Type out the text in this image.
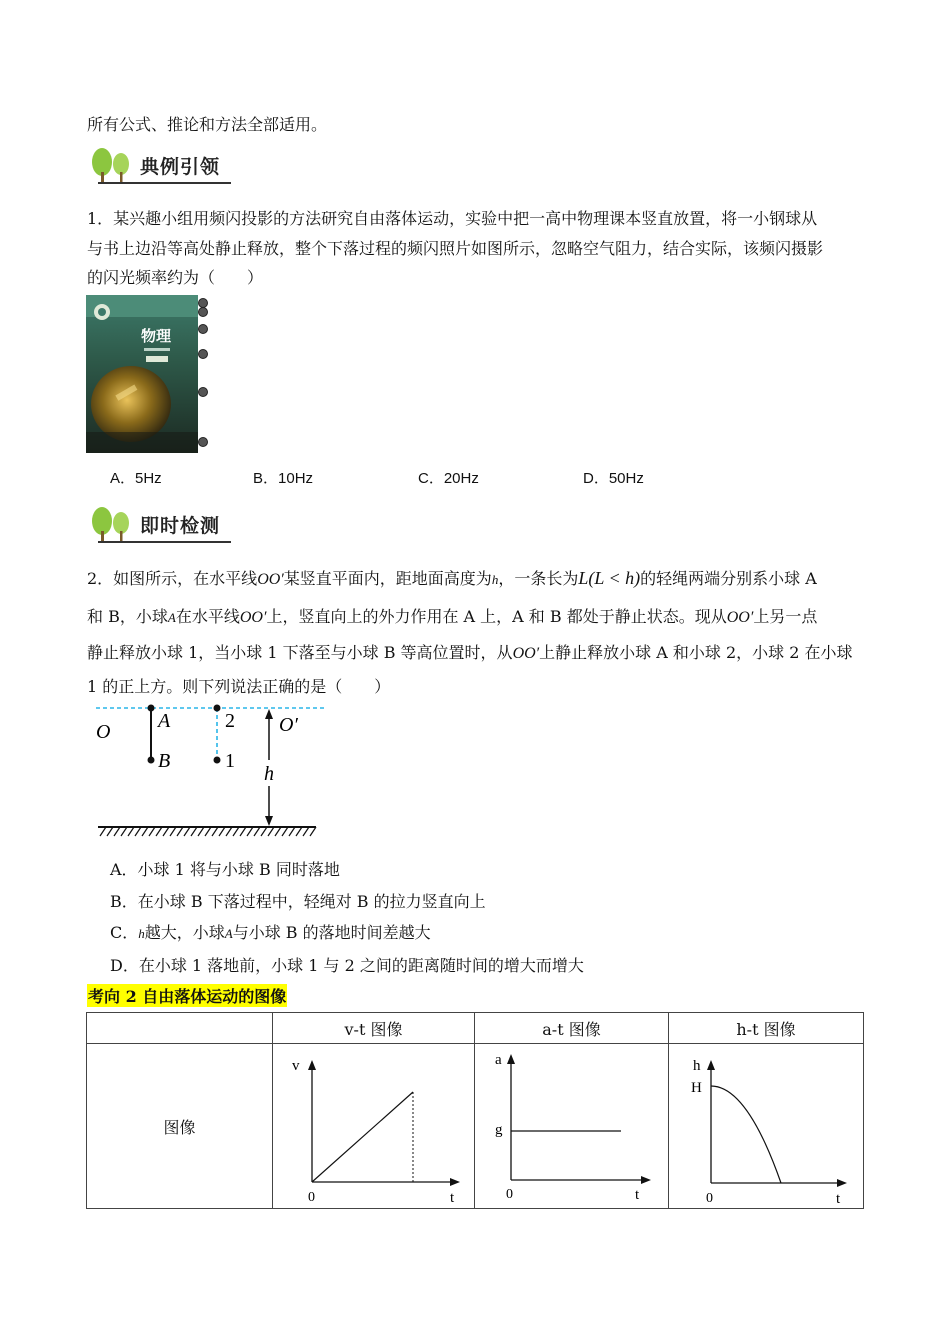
所有公式、推论和方法全部适用。
典例引领
1．某兴趣小组用频闪投影的方法研究自由落体运动，实验中把一高中物理课本竖直放置，将一小钢球从
与书上边沿等高处静止释放，整个下落过程的频闪照片如图所示，忽略空气阻力，结合实际，该频闪摄影
的闪光频率约为（　　）
物理
A．5Hz	B．10Hz	C．20Hz	D．50Hz
即时检测
2．如图所示，在水平线OO′某竖直平面内，距地面高度为h，一条长为L(L < h)的轻绳两端分别系小球 A
和 B，小球A在水平线OO′上，竖直向上的外力作用在 A 上，A 和 B 都处于静止状态。现从OO′上另一点
静止释放小球 1，当小球 1 下落至与小球 B 等高位置时，从OO′上静止释放小球 A 和小球 2，小球 2 在小球
1 的正上方。则下列说法正确的是（　　）
O A
B
2
1
O′
h
A．小球 1 将与小球 B 同时落地
B．在小球 B 下落过程中，轻绳对 B 的拉力竖直向上
C．h越大，小球A与小球 B 的落地时间差越大
D．在小球 1 落地前，小球 1 与 2 之间的距离随时间的增大而增大
考向 2 自由落体运动的图像
	v-t 图像	a-t 图像	h-t 图像
图像	v
t
0	a
g
t
0	h
H
t
0
